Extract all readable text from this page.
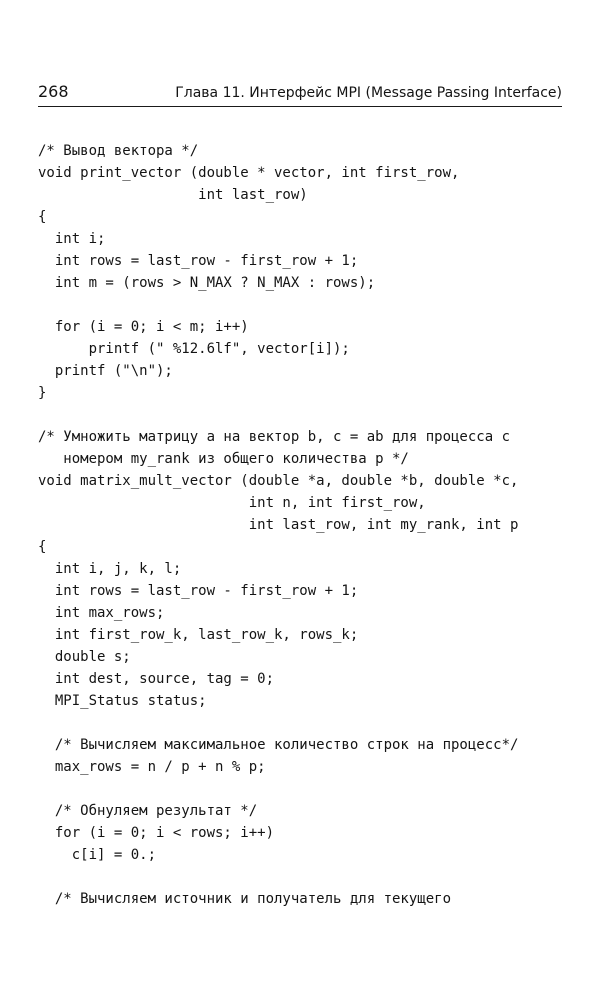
268	Глава 11. Интерфейс MPI (Message Passing Interface)
/* Вывод вектора */
void print_vector (double * vector, int first_row,
int last_row)
{
int i;
int rows = last_row - first_row + 1;
int m = (rows > N_MAX ? N_MAX : rows);
for (i = 0; i < m; i++)
printf (" %12.6lf", vector[i]);
printf ("\n");
}
/* Умножить матрицу a на вектор b, c = ab для процесса с
номером my_rank из общего количества p */
void matrix_mult_vector (double *a, double *b, double *c,
int n, int first_row,
int last_row, int my_rank, int p
{
int i, j, k, l;
int rows = last_row - first_row + 1;
int max_rows;
int first_row_k, last_row_k, rows_k;
double s;
int dest, source, tag = 0;
MPI_Status status;
/* Вычисляем максимальное количество строк на процесс*/
max_rows = n / p + n % p;
/* Обнуляем результат */
for (i = 0; i < rows; i++)
c[i] = 0.;
/* Вычисляем источник и получатель для текущего
